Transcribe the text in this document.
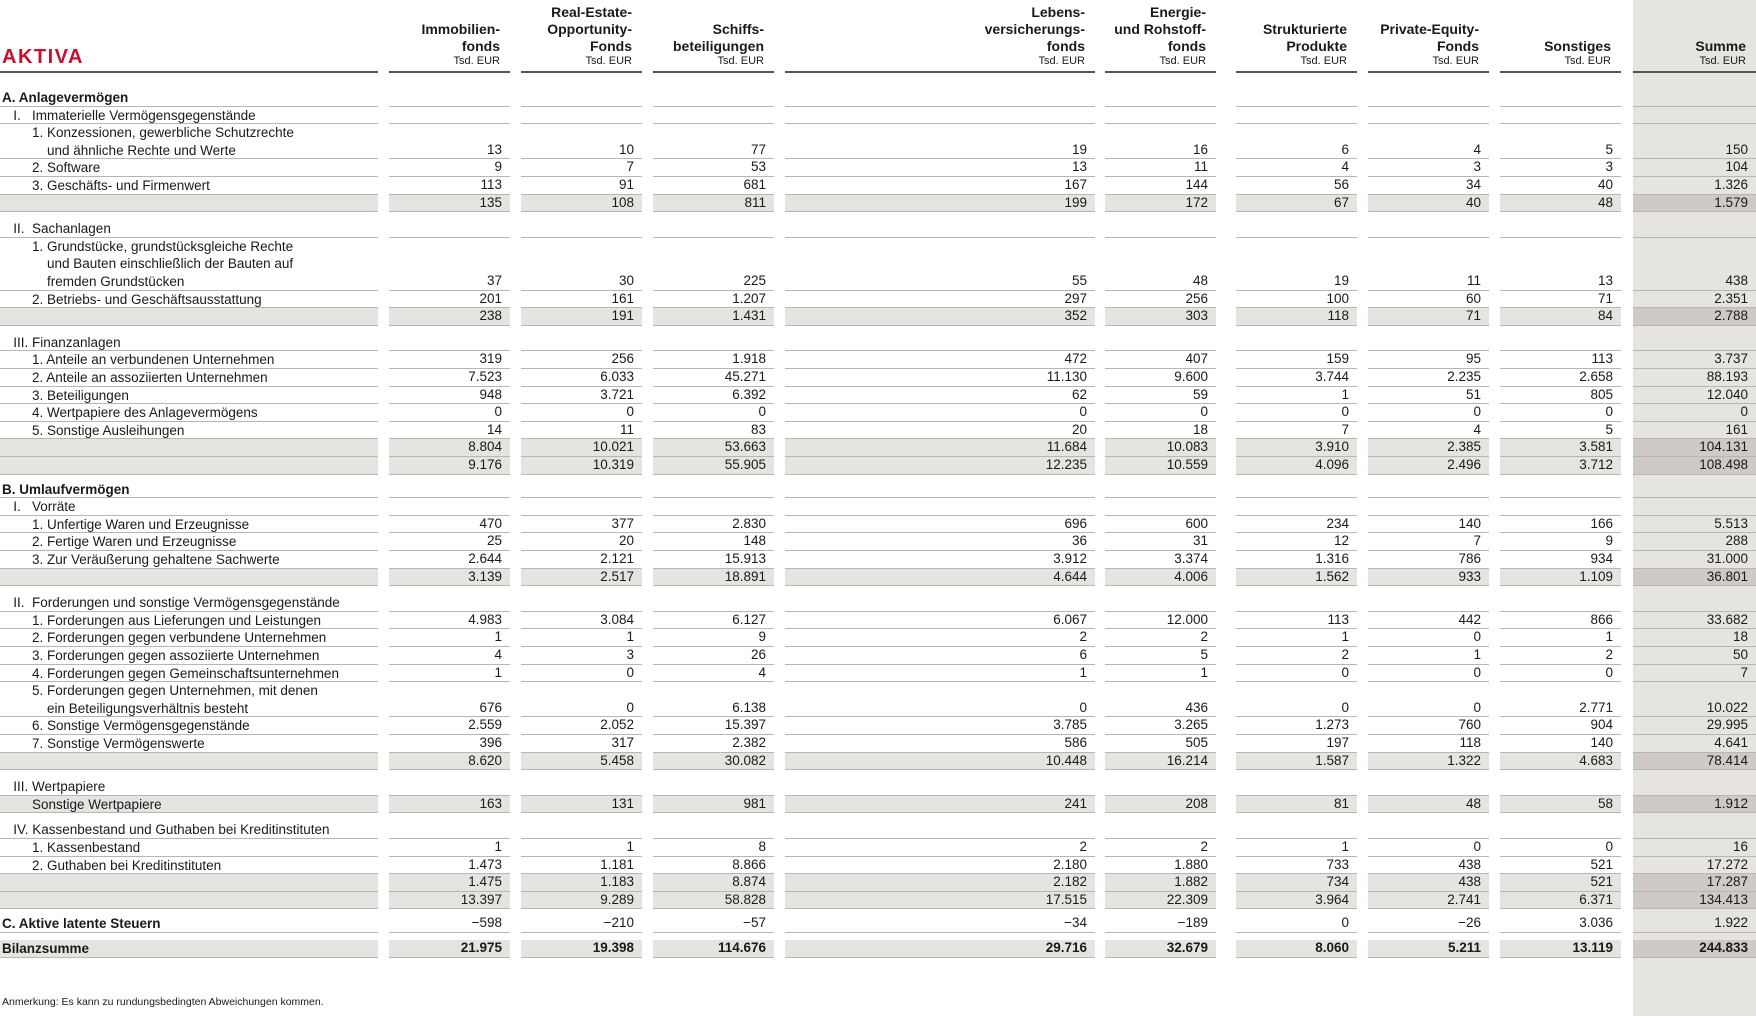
AKTIVA
Immobilien-
fonds
Tsd. EUR
Real-Estate-
Opportunity-
Fonds
Tsd. EUR
Schiffs-
beteiligungen
Tsd. EUR
Lebens-
versicherungs-
fonds
Tsd. EUR
Energie-
und Rohstoff-
fonds
Tsd. EUR
Strukturierte
Produkte
Tsd. EUR
Private-Equity-
Fonds
Tsd. EUR
Sonstiges
Tsd. EUR
Summe
Tsd. EUR
A. Anlagevermögen
I.   Immaterielle Vermögensgegenstände
1. Konzessionen, gewerbliche Schutzrechte
und ähnliche Rechte und Werte	13	10	77	19	16	6	4	5	150
2. Software	9	7	53	13	11	4	3	3	104
3. Geschäfts- und Firmenwert	113	91	681	167	144	56	34	40	1.326
135	108	811	199	172	67	40	48	1.579
II.  Sachanlagen
1. Grundstücke, grundstücksgleiche Rechte
und Bauten einschließlich der Bauten auf
fremden Grundstücken	37	30	225	55	48	19	11	13	438
2. Betriebs- und Geschäftsausstattung	201	161	1.207	297	256	100	60	71	2.351
238	191	1.431	352	303	118	71	84	2.788
III. Finanzanlagen
1. Anteile an verbundenen Unternehmen	319	256	1.918	472	407	159	95	113	3.737
2. Anteile an assoziierten Unternehmen	7.523	6.033	45.271	11.130	9.600	3.744	2.235	2.658	88.193
3. Beteiligungen	948	3.721	6.392	62	59	1	51	805	12.040
4. Wertpapiere des Anlagevermögens	0	0	0	0	0	0	0	0	0
5. Sonstige Ausleihungen	14	11	83	20	18	7	4	5	161
8.804	10.021	53.663	11.684	10.083	3.910	2.385	3.581	104.131
9.176	10.319	55.905	12.235	10.559	4.096	2.496	3.712	108.498
B. Umlaufvermögen
I.   Vorräte
1. Unfertige Waren und Erzeugnisse	470	377	2.830	696	600	234	140	166	5.513
2. Fertige Waren und Erzeugnisse	25	20	148	36	31	12	7	9	288
3. Zur Veräußerung gehaltene Sachwerte	2.644	2.121	15.913	3.912	3.374	1.316	786	934	31.000
3.139	2.517	18.891	4.644	4.006	1.562	933	1.109	36.801
II.  Forderungen und sonstige Vermögensgegenstände
1. Forderungen aus Lieferungen und Leistungen	4.983	3.084	6.127	6.067	12.000	113	442	866	33.682
2. Forderungen gegen verbundene Unternehmen	1	1	9	2	2	1	0	1	18
3. Forderungen gegen assoziierte Unternehmen	4	3	26	6	5	2	1	2	50
4. Forderungen gegen Gemeinschaftsunternehmen	1	0	4	1	1	0	0	0	7
5. Forderungen gegen Unternehmen, mit denen
ein Beteiligungsverhältnis besteht	676	0	6.138	0	436	0	0	2.771	10.022
6. Sonstige Vermögensgegenstände	2.559	2.052	15.397	3.785	3.265	1.273	760	904	29.995
7. Sonstige Vermögenswerte	396	317	2.382	586	505	197	118	140	4.641
8.620	5.458	30.082	10.448	16.214	1.587	1.322	4.683	78.414
III. Wertpapiere
Sonstige Wertpapiere	163	131	981	241	208	81	48	58	1.912
IV. Kassenbestand und Guthaben bei Kreditinstituten
1. Kassenbestand	1	1	8	2	2	1	0	0	16
2. Guthaben bei Kreditinstituten	1.473	1.181	8.866	2.180	1.880	733	438	521	17.272
1.475	1.183	8.874	2.182	1.882	734	438	521	17.287
13.397	9.289	58.828	17.515	22.309	3.964	2.741	6.371	134.413
C. Aktive latente Steuern	−598	−210	−57	−34	−189	0	−26	3.036	1.922
Bilanzsumme	21.975	19.398	114.676	29.716	32.679	8.060	5.211	13.119	244.833
Anmerkung: Es kann zu rundungsbedingten Abweichungen kommen.
